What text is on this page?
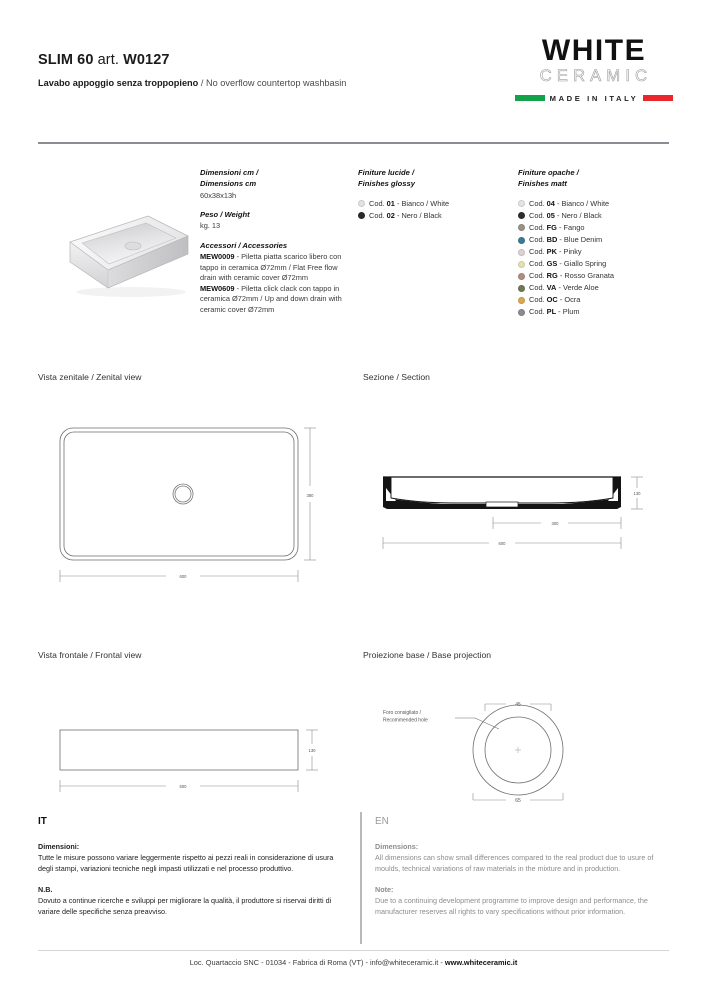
SLIM 60 art. W0127
Lavabo appoggio senza troppopieno / No overflow countertop washbasin
WHITE
CERAMIC
MADE IN ITALY
Dimensioni cm /
Dimensions cm
60x38x13h
Peso / Weight
kg. 13
Accessori / Accessories

MEW0009 - Piletta piatta scarico libero con tappo in ceramica Ø72mm / Flat Free flow drain with ceramic cover Ø72mm

MEW0609 - Piletta click clack con tappo in ceramica Ø72mm / Up and down drain with ceramic cover Ø72mm

Finiture lucide /
Finishes glossy
Cod. 01 - Bianco / White
Cod. 02 - Nero / Black
Finiture opache /
Finishes matt
Cod. 04 - Bianco / White
Cod. 05 - Nero / Black
Cod. FG - Fango
Cod. BD - Blue Denim
Cod. PK - Pinky
Cod. GS - Giallo Spring
Cod. RG - Rosso Granata
Cod. VA - Verde Aloe
Cod. OC - Ocra
Cod. PL - Plum
Vista zenitale / Zenital view	Sezione / Section
Vista frontale / Frontal view	Proiezione base / Base projection
380
600
130
300
600
130
600
Foro consigliato /
Recommended hole
45
65
IT

Dimensioni:

Tutte le misure possono variare leggermente rispetto ai pezzi reali in considerazione di usura degli stampi, variazioni tecniche negli impasti utilizzati e nel processo produttivo.

N.B.

Dovuto a continue ricerche e sviluppi per migliorare la qualità, il produttore si riservai diritti di variare delle specifiche senza preavviso.

EN

Dimensions:

All dimensions can show small differences compared to the real product due to usure of moulds, technical variations of raw materials in the mixture and in production.

Note:

Due to a continuing development programme to improve design and performance, the manufacturer reserves all rights to vary specifications without prior information.

Loc. Quartaccio SNC - 01034 - Fabrica di Roma (VT) - info@whiteceramic.it - www.whiteceramic.it
